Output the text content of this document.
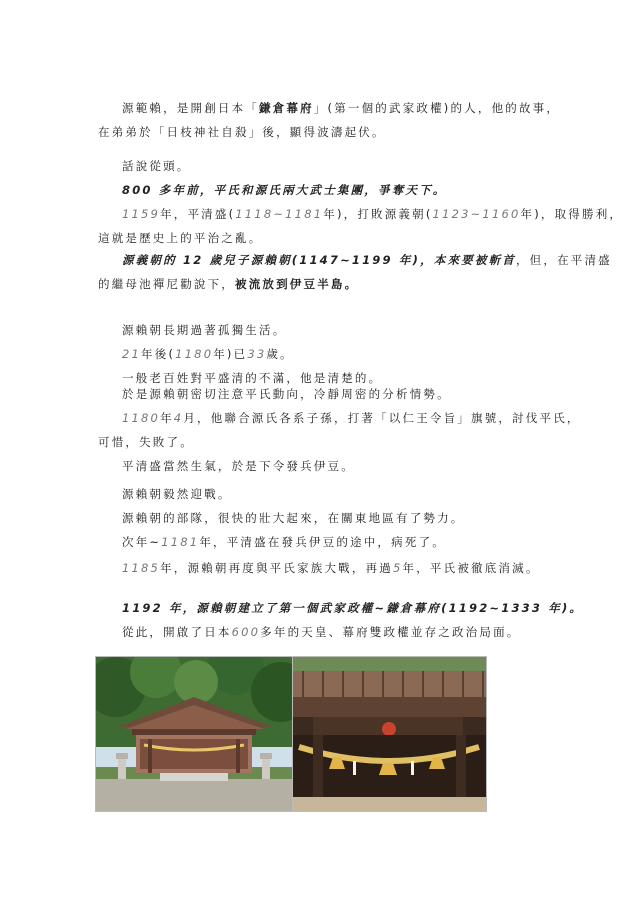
源範賴，是開創日本「鎌倉幕府」(第一個的武家政權)的人，他的故事，
在弟弟於「日枝神社自殺」後，顯得波濤起伏。
話說從頭。
800 多年前，平氏和源氏兩大武士集團，爭奪天下。
1159年，平清盛(1118~1181年)，打敗源義朝(1123~1160年)，取得勝利，
這就是歷史上的平治之亂。
源義朝的 12 歲兒子源賴朝(1147~1199 年)，本來要被斬首，但，在平清盛
的繼母池禪尼勸說下，被流放到伊豆半島。
源賴朝長期過著孤獨生活。
21年後(1180年)已33歲。
一般老百姓對平盛清的不滿，他是清楚的。
於是源賴朝密切注意平氏動向，冷靜周密的分析情勢。
1180年4月，他聯合源氏各系子孫，打著「以仁王令旨」旗號，討伐平氏，
可惜，失敗了。
平清盛當然生氣，於是下令發兵伊豆。
源賴朝毅然迎戰。
源賴朝的部隊，很快的壯大起來，在關東地區有了勢力。
次年~1181年，平清盛在發兵伊豆的途中，病死了。
1185年，源賴朝再度與平氏家族大戰，再過5年，平氏被徹底消滅。
1192 年，源賴朝建立了第一個武家政權~鎌倉幕府(1192~1333 年)。
從此，開啟了日本600多年的天皇、幕府雙政權並存之政治局面。
